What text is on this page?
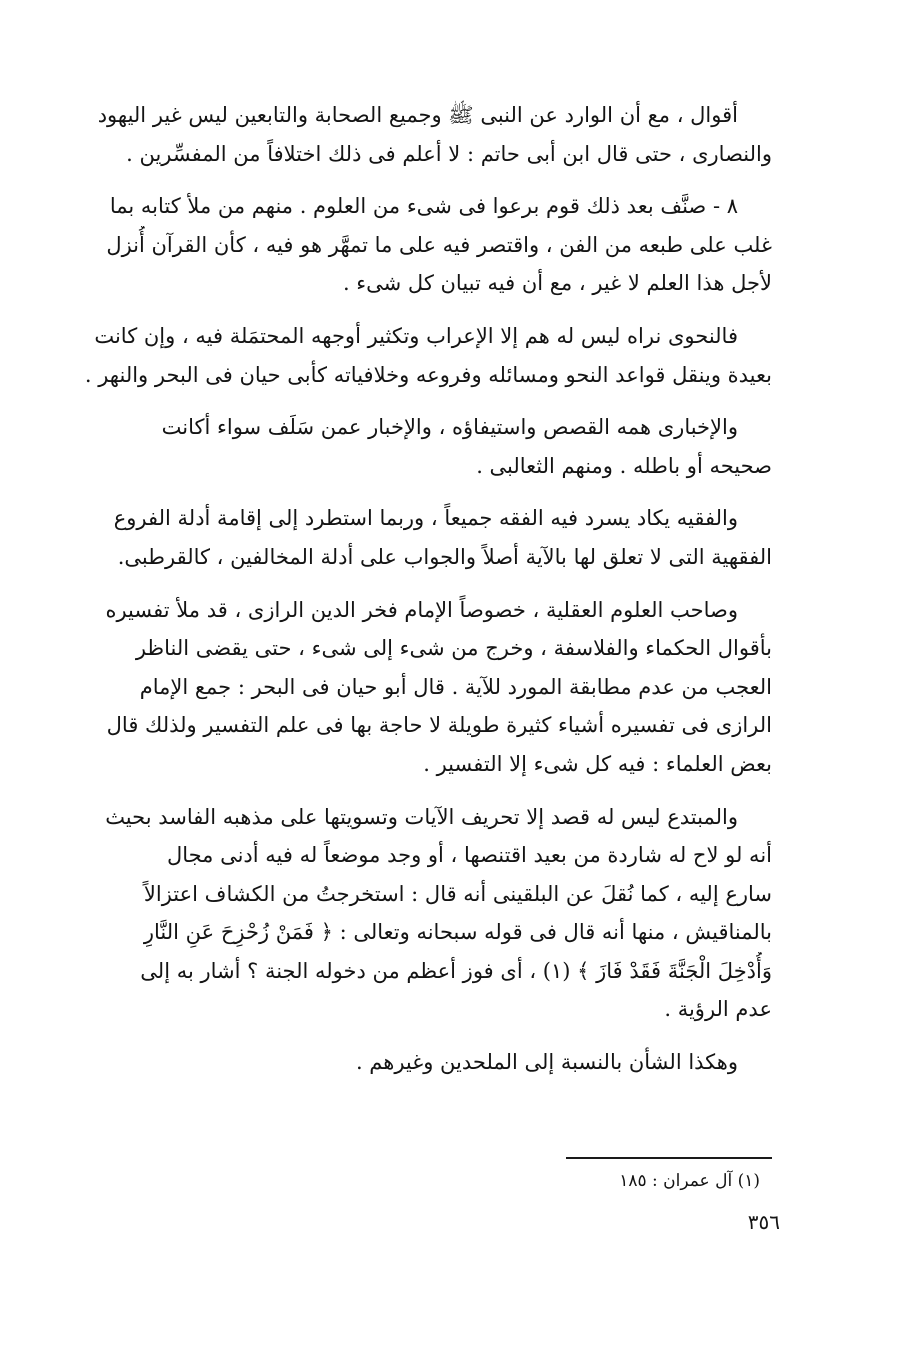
أقوال ، مع أن الوارد عن النبى ﷺ وجميع الصحابة والتابعين ليس غير اليهود
والنصارى ، حتى قال ابن أبى حاتم : لا أعلم فى ذلك اختلافاً من المفسِّرين .

٨ - صنَّف بعد ذلك قوم برعوا فى شىء من العلوم . منهم من ملأ كتابه بما
غلب على طبعه من الفن ، واقتصر فيه على ما تمهَّر هو فيه ، كأن القرآن أُنزل
لأجل هذا العلم لا غير ، مع أن فيه تبيان كل شىء .

فالنحوى نراه ليس له هم إلا الإعراب وتكثير أوجهه المحتمَلة فيه ، وإن كانت
بعيدة وينقل قواعد النحو ومسائله وفروعه وخلافياته كأبى حيان فى البحر والنهر .

والإخبارى همه القصص واستيفاؤه ، والإخبار عمن سَلَف سواء أكانت
صحيحه أو باطله . ومنهم الثعالبى .

والفقيه يكاد يسرد فيه الفقه جميعاً ، وربما استطرد إلى إقامة أدلة الفروع
الفقهية التى لا تعلق لها بالآية أصلاً والجواب على أدلة المخالفين ، كالقرطبى.

وصاحب العلوم العقلية ، خصوصاً الإمام فخر الدين الرازى ، قد ملأ تفسيره
بأقوال الحكماء والفلاسفة ، وخرج من شىء إلى شىء ، حتى يقضى الناظر
العجب من عدم مطابقة المورد للآية . قال أبو حيان فى البحر : جمع الإمام
الرازى فى تفسيره أشياء كثيرة طويلة لا حاجة بها فى علم التفسير ولذلك قال
بعض العلماء : فيه كل شىء إلا التفسير .

والمبتدع ليس له قصد إلا تحريف الآيات وتسويتها على مذهبه الفاسد بحيث
أنه لو لاح له شاردة من بعيد اقتنصها ، أو وجد موضعاً له فيه أدنى مجال
سارع إليه ، كما نُقلَ عن البلقينى أنه قال : استخرجتُ من الكشاف اعتزالاً
بالمناقيش ، منها أنه قال فى قوله سبحانه وتعالى : ﴿ فَمَنْ زُحْزِحَ عَنِ النَّارِ
وَأُدْخِلَ الْجَنَّةَ فَقَدْ فَازَ ﴾ (١) ، أى فوز أعظم من دخوله الجنة ؟ أشار به إلى
عدم الرؤية .

وهكذا الشأن بالنسبة إلى الملحدين وغيرهم .

(١) آل عمران : ١٨٥
٣٥٦
